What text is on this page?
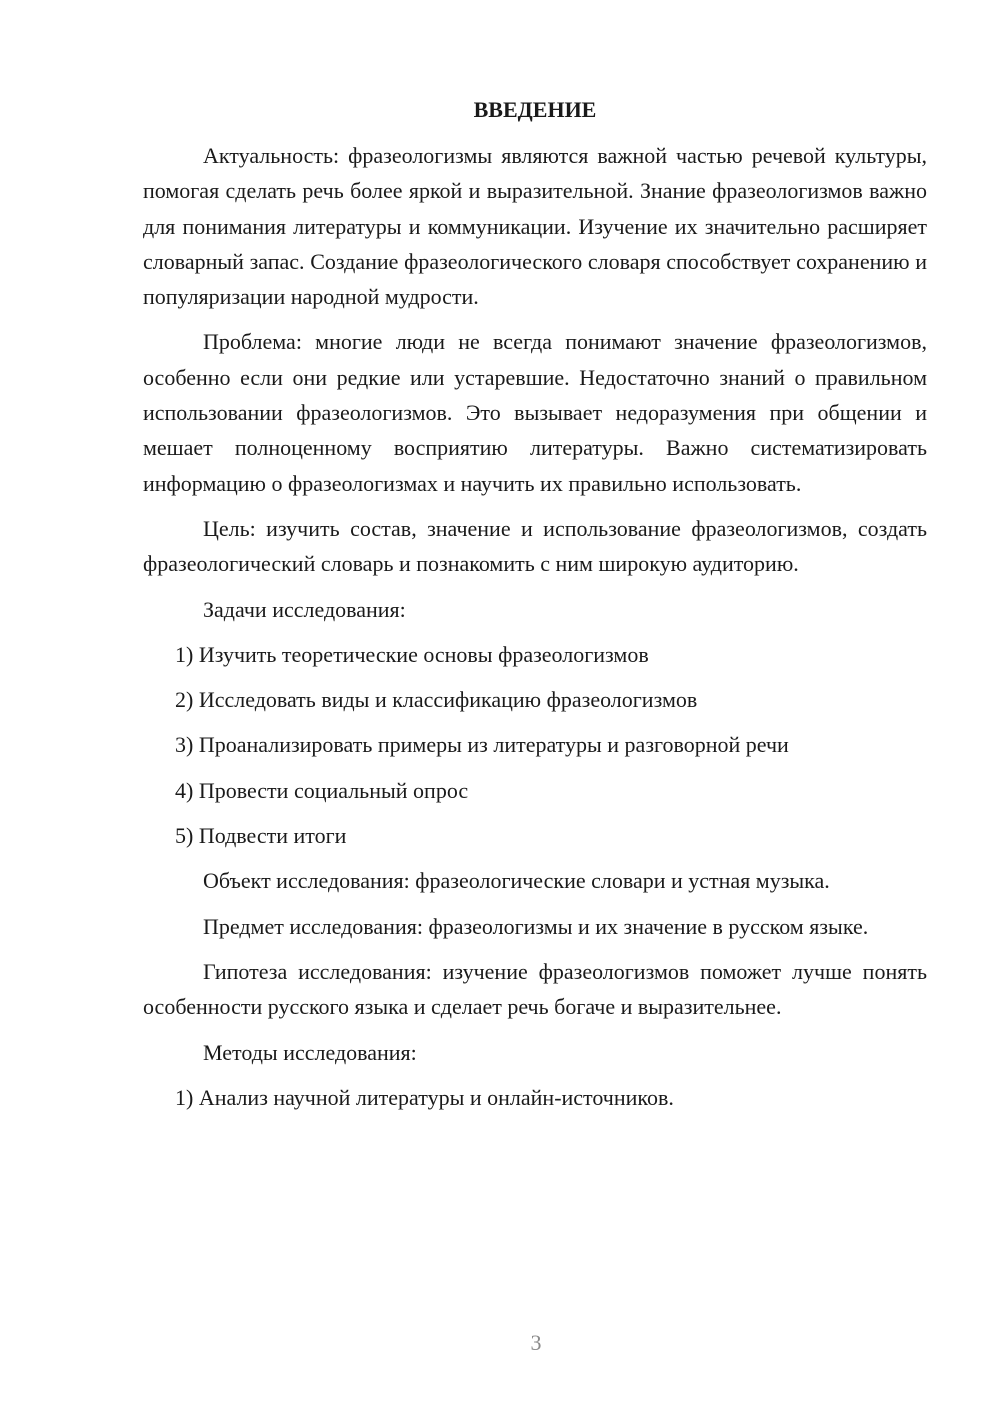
ВВЕДЕНИЕ

Актуальность: фразеологизмы являются важной частью речевой культуры, помогая сделать речь более яркой и выразительной. Знание фразеологизмов важно для понимания литературы и коммуникации. Изучение их значительно расширяет словарный запас. Создание фразеологического словаря способствует сохранению и популяризации народной мудрости.

Проблема: многие люди не всегда понимают значение фразеологизмов, особенно если они редкие или устаревшие. Недостаточно знаний о правильном использовании фразеологизмов. Это вызывает недоразумения при общении и мешает полноценному восприятию литературы. Важно систематизировать информацию о фразеологизмах и научить их правильно использовать.

Цель: изучить состав, значение и использование фразеологизмов, создать фразеологический словарь и познакомить с ним широкую аудиторию.

Задачи исследования:

1) Изучить теоретические основы фразеологизмов

2) Исследовать виды и классификацию фразеологизмов

3) Проанализировать примеры из литературы и разговорной речи

4) Провести социальный опрос

5) Подвести итоги

Объект исследования: фразеологические словари и устная музыка.

Предмет исследования: фразеологизмы и их значение в русском языке.

Гипотеза исследования: изучение фразеологизмов поможет лучше понять особенности русского языка и сделает речь богаче и выразительнее.

Методы исследования:

1) Анализ научной литературы и онлайн-источников.

3
